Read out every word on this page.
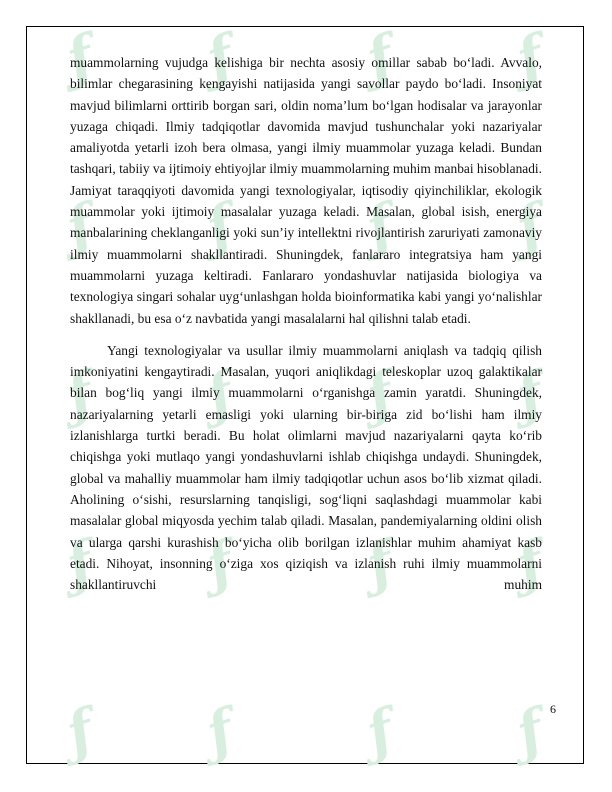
ƒ
ƒ
ƒ
ƒ
ƒ
ƒ
ƒ
ƒ
ƒ
ƒ
ƒ
ƒ
ƒ
ƒ
ƒ
ƒ
ƒ
ƒ
ƒ
ƒ

muammolarning vujudga kelishiga bir nechta asosiy omillar sabab bo‘ladi. Avvalo, bilimlar chegarasining kengayishi natijasida yangi savollar paydo bo‘ladi. Insoniyat mavjud bilimlarni orttirib borgan sari, oldin noma’lum bo‘lgan hodisalar va jarayonlar yuzaga chiqadi. Ilmiy tadqiqotlar davomida mavjud tushunchalar yoki nazariyalar amaliyotda yetarli izoh bera olmasa, yangi ilmiy muammolar yuzaga keladi. Bundan tashqari, tabiiy va ijtimoiy ehtiyojlar ilmiy muammolarning muhim manbai hisoblanadi. Jamiyat taraqqiyoti davomida yangi texnologiyalar, iqtisodiy qiyinchiliklar, ekologik muammolar yoki ijtimoiy masalalar yuzaga keladi. Masalan, global isish, energiya manbalarining cheklanganligi yoki sun’iy intellektni rivojlantirish zaruriyati zamonaviy ilmiy muammolarni shakllantiradi. Shuningdek, fanlararo integratsiya ham yangi muammolarni yuzaga keltiradi. Fanlararo yondashuvlar natijasida biologiya va texnologiya singari sohalar uyg‘unlashgan holda bioinformatika kabi yangi yo‘nalishlar shakllanadi, bu esa o‘z navbatida yangi masalalarni hal qilishni talab etadi.

Yangi texnologiyalar va usullar ilmiy muammolarni aniqlash va tadqiq qilish imkoniyatini kengaytiradi. Masalan, yuqori aniqlikdagi teleskoplar uzoq galaktikalar bilan bog‘liq yangi ilmiy muammolarni o‘rganishga zamin yaratdi. Shuningdek, nazariyalarning yetarli emasligi yoki ularning bir-biriga zid bo‘lishi ham ilmiy izlanishlarga turtki beradi. Bu holat olimlarni mavjud nazariyalarni qayta ko‘rib chiqishga yoki mutlaqo yangi yondashuvlarni ishlab chiqishga undaydi. Shuningdek, global va mahalliy muammolar ham ilmiy tadqiqotlar uchun asos bo‘lib xizmat qiladi. Aholining o‘sishi, resurslarning tanqisligi, sog‘liqni saqlashdagi muammolar kabi masalalar global miqyosda yechim talab qiladi. Masalan, pandemiyalarning oldini olish va ularga qarshi kurashish bo‘yicha olib borilgan izlanishlar muhim ahamiyat kasb etadi. Nihoyat, insonning o‘ziga xos qiziqish va izlanish ruhi ilmiy muammolarni shakllantiruvchi muhim

6
